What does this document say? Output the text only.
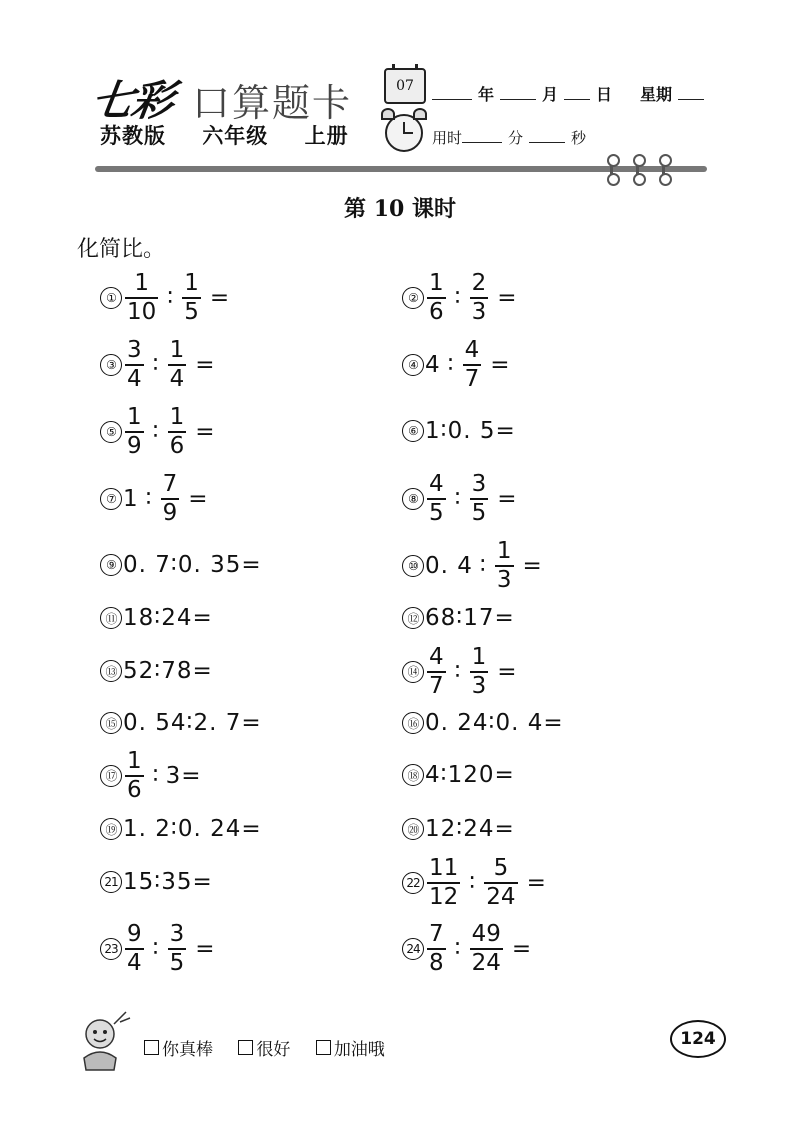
七彩 口算题卡
苏教版 六年级 上册
07	年	月 日 星期
用时	分	秒
第 10 课时
化简比。
① $\frac{1}{10}$ ∶ $\frac{1}{5}$ =	② $\frac{1}{6}$ ∶ $\frac{2}{3}$ =
③ $\frac{3}{4}$ ∶ $\frac{1}{4}$ =	④ 4 ∶ $\frac{4}{7}$ =
⑤ $\frac{1}{9}$ ∶ $\frac{1}{6}$ =	⑥ 1∶0. 5=
⑦ 1 ∶ $\frac{7}{9}$ =	⑧ $\frac{4}{5}$ ∶ $\frac{3}{5}$ =
⑨ 0. 7∶0. 35=	⑩ 0. 4 ∶ $\frac{1}{3}$ =
⑪ 18∶24=	⑫ 68∶17=
⑬ 52∶78=	⑭ $\frac{4}{7}$ ∶ $\frac{1}{3}$ =
⑮ 0. 54∶2. 7=	⑯ 0. 24∶0. 4=
⑰ $\frac{1}{6}$ ∶ 3=	⑱ 4∶120=
⑲ 1. 2∶0. 24=	⑳ 12∶24=
21 15∶35=	$22 \frac{11}{12}$ ∶ $\frac{5}{24}$ =
$23 \frac{9}{4}$ ∶ $\frac{3}{5}$ =	$24 \frac{7}{8}$ ∶ $\frac{49}{24}$ =
你真棒
	很好
	加油哦
124
